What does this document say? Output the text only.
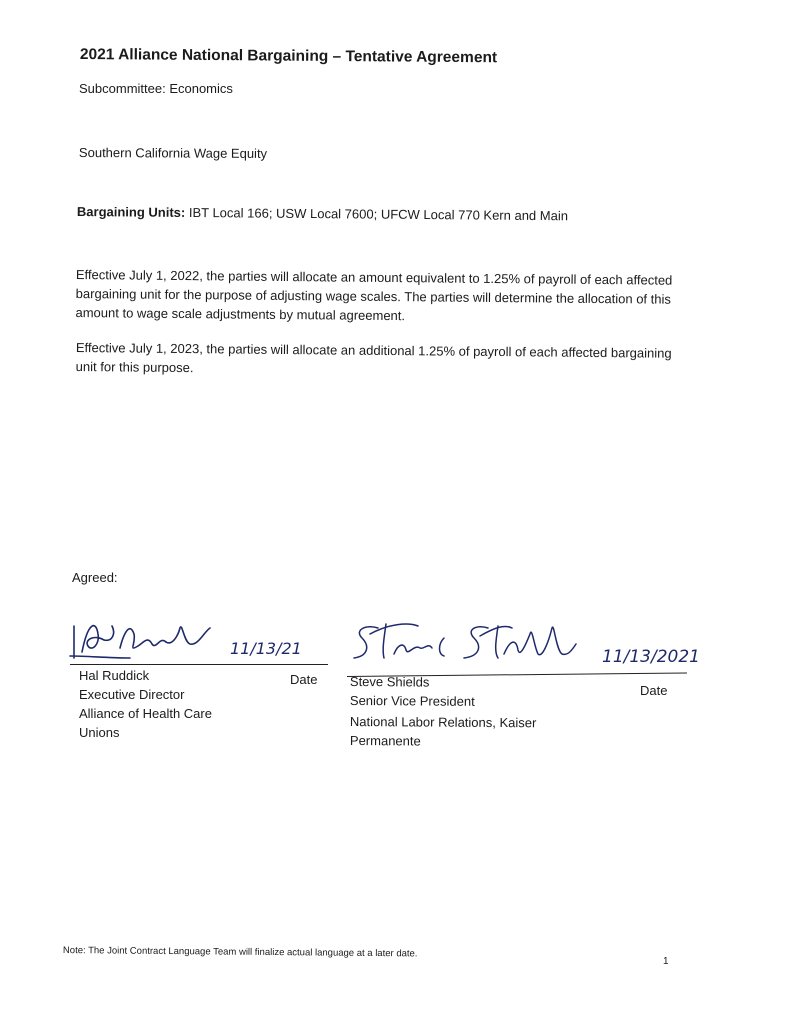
2021 Alliance National Bargaining – Tentative Agreement
Subcommittee: Economics
Southern California Wage Equity
Bargaining Units: IBT Local 166; USW Local 7600; UFCW Local 770 Kern and Main
Effective July 1, 2022, the parties will allocate an amount equivalent to 1.25% of payroll of each affected bargaining unit for the purpose of adjusting wage scales. The parties will determine the allocation of this amount to wage scale adjustments by mutual agreement.
Effective July 1, 2023, the parties will allocate an additional 1.25% of payroll of each affected bargaining unit for this purpose.
Agreed:
11/13/21
Hal Ruddick
Executive Director
Alliance of Health Care
Unions
Date
11/13/2021
Steve Shields
Senior Vice President
National Labor Relations, Kaiser
Permanente
Date
Note: The Joint Contract Language Team will finalize actual language at a later date.
1
